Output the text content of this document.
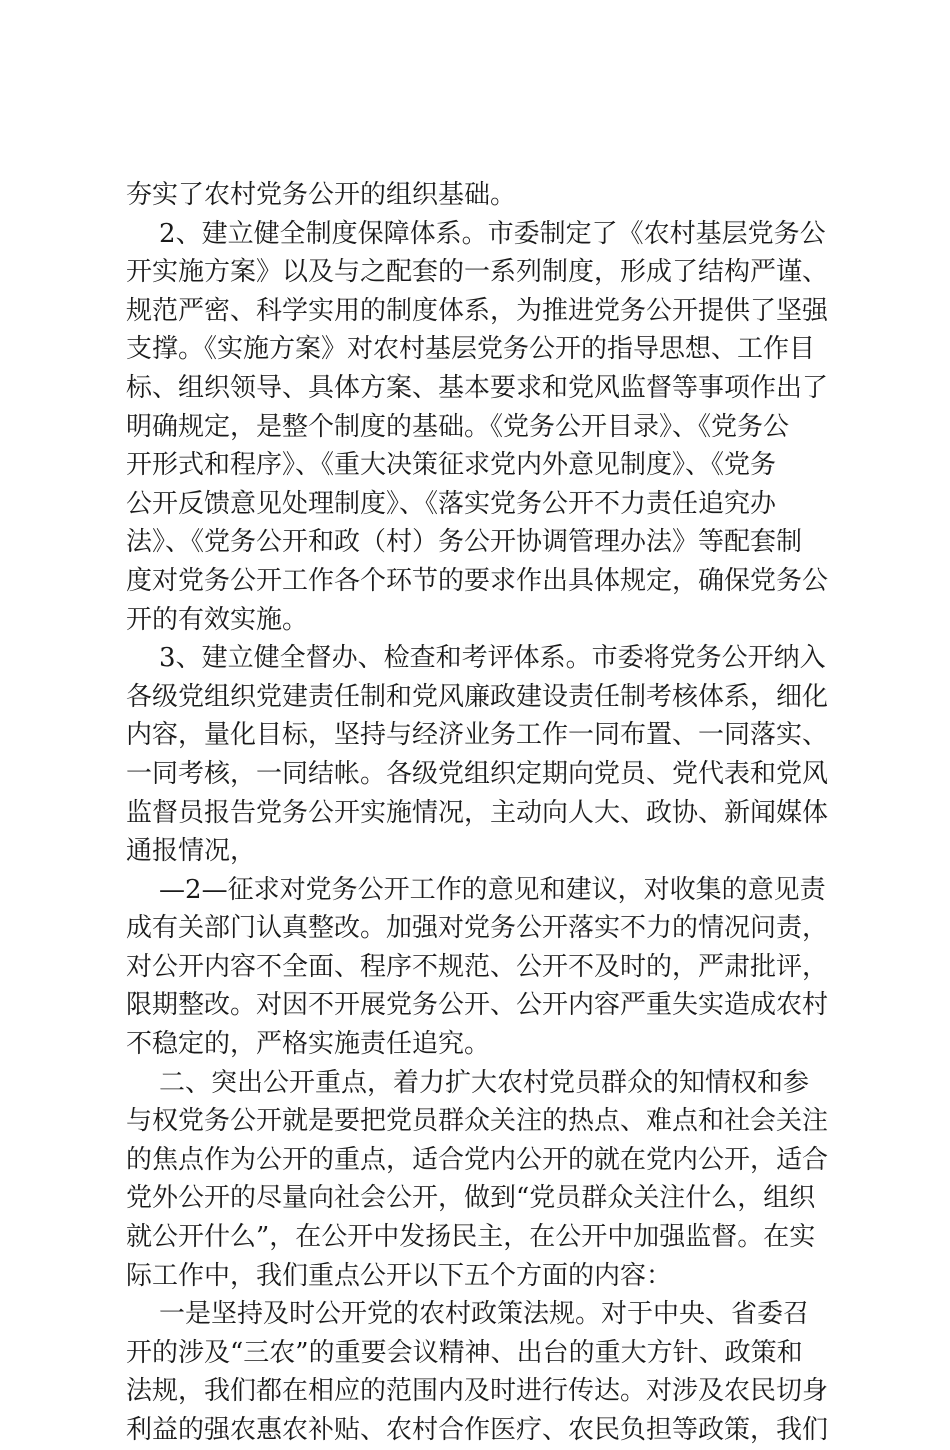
夯实了农村党务公开的组织基础。
2、建立健全制度保障体系。市委制定了《农村基层党务公
开实施方案》以及与之配套的一系列制度，形成了结构严谨、
规范严密、科学实用的制度体系，为推进党务公开提供了坚强
支撑。《实施方案》对农村基层党务公开的指导思想、工作目
标、组织领导、具体方案、基本要求和党风监督等事项作出了
明确规定，是整个制度的基础。《党务公开目录》、《党务公
开形式和程序》、《重大决策征求党内外意见制度》、《党务
公开反馈意见处理制度》、《落实党务公开不力责任追究办
法》、《党务公开和政（村）务公开协调管理办法》等配套制
度对党务公开工作各个环节的要求作出具体规定，确保党务公
开的有效实施。
3、建立健全督办、检查和考评体系。市委将党务公开纳入
各级党组织党建责任制和党风廉政建设责任制考核体系，细化
内容，量化目标，坚持与经济业务工作一同布置、一同落实、
一同考核，一同结帐。各级党组织定期向党员、党代表和党风
监督员报告党务公开实施情况，主动向人大、政协、新闻媒体
通报情况，
—2—征求对党务公开工作的意见和建议，对收集的意见责
成有关部门认真整改。加强对党务公开落实不力的情况问责，
对公开内容不全面、程序不规范、公开不及时的，严肃批评，
限期整改。对因不开展党务公开、公开内容严重失实造成农村
不稳定的，严格实施责任追究。
二、突出公开重点，着力扩大农村党员群众的知情权和参
与权党务公开就是要把党员群众关注的热点、难点和社会关注
的焦点作为公开的重点，适合党内公开的就在党内公开，适合
党外公开的尽量向社会公开，做到“党员群众关注什么，组织
就公开什么”，在公开中发扬民主，在公开中加强监督。在实
际工作中，我们重点公开以下五个方面的内容：
一是坚持及时公开党的农村政策法规。对于中央、省委召
开的涉及“三农”的重要会议精神、出台的重大方针、政策和
法规，我们都在相应的范围内及时进行传达。对涉及农民切身
利益的强农惠农补贴、农村合作医疗、农民负担等政策，我们
